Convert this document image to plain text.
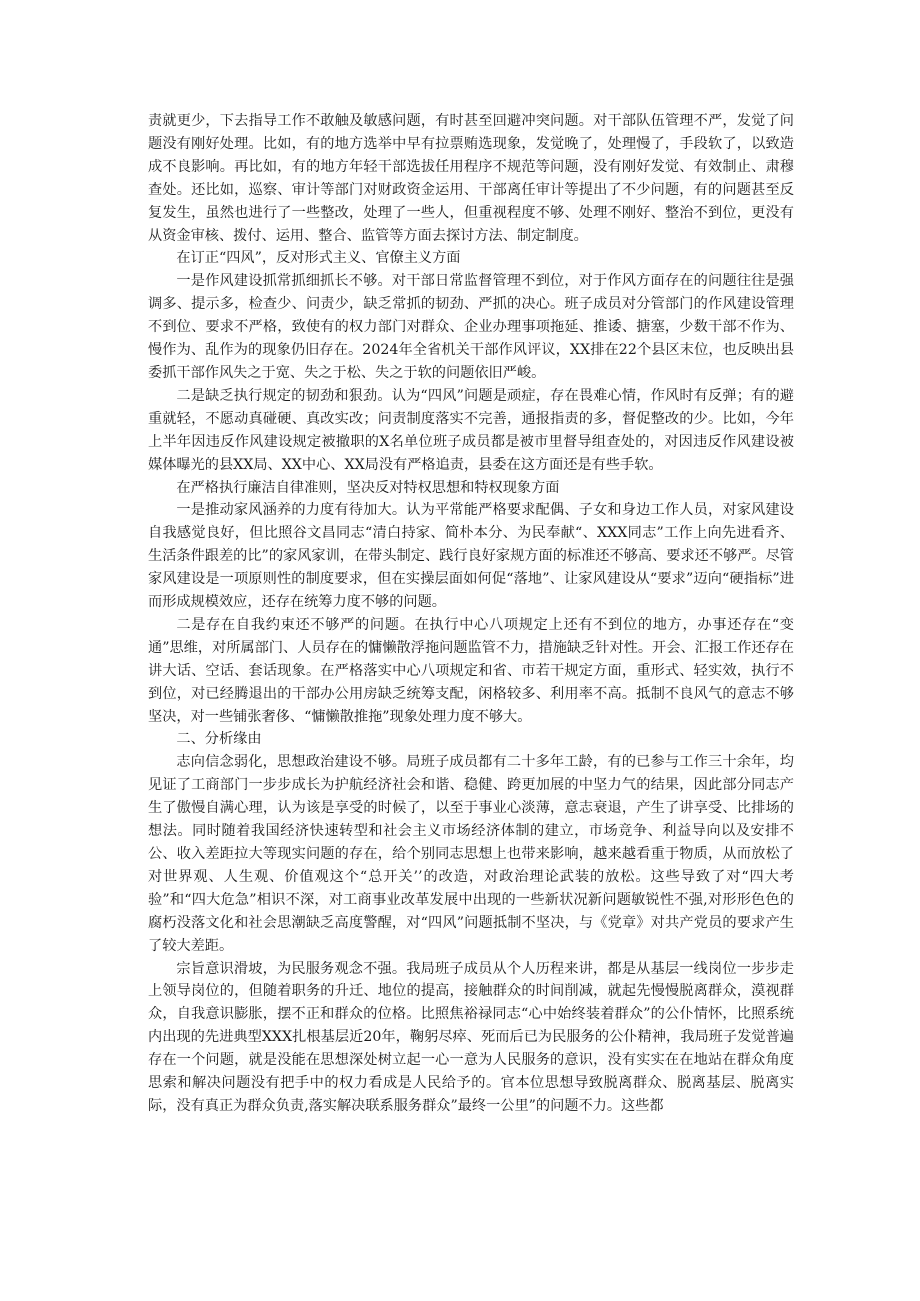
责就更少，下去指导工作不敢触及敏感问题，有时甚至回避冲突问题。对干部队伍管理不严，发觉了问题没有刚好处理。比如，有的地方选举中早有拉票贿选现象，发觉晚了，处理慢了，手段软了，以致造成不良影响。再比如，有的地方年轻干部选拔任用程序不规范等问题，没有刚好发觉、有效制止、肃穆查处。还比如，巡察、审计等部门对财政资金运用、干部离任审计等提出了不少问题，有的问题甚至反复发生，虽然也进行了一些整改，处理了一些人，但重视程度不够、处理不刚好、整治不到位，更没有从资金审核、拨付、运用、整合、监管等方面去探讨方法、制定制度。

在订正“四风”，反对形式主义、官僚主义方面

一是作风建设抓常抓细抓长不够。对干部日常监督管理不到位，对于作风方面存在的问题往往是强调多、提示多，检查少、问责少，缺乏常抓的韧劲、严抓的决心。班子成员对分管部门的作风建设管理不到位、要求不严格，致使有的权力部门对群众、企业办理事项拖延、推诿、搪塞，少数干部不作为、慢作为、乱作为的现象仍旧存在。2024年全省机关干部作风评议，XX排在22个县区末位，也反映出县委抓干部作风失之于宽、失之于松、失之于软的问题依旧严峻。

二是缺乏执行规定的韧劲和狠劲。认为“四风”问题是顽症，存在畏难心情，作风时有反弹；有的避重就轻，不愿动真碰硬、真改实改；问责制度落实不完善，通报指责的多，督促整改的少。比如，今年上半年因违反作风建设规定被撤职的X名单位班子成员都是被市里督导组查处的，对因违反作风建设被媒体曝光的县XX局、XX中心、XX局没有严格追责，县委在这方面还是有些手软。

在严格执行廉洁自律准则，坚决反对特权思想和特权现象方面

一是推动家风涵养的力度有待加大。认为平常能严格要求配偶、子女和身边工作人员，对家风建设自我感觉良好，但比照谷文昌同志“清白持家、简朴本分、为民奉献“、XXX同志”工作上向先进看齐、生活条件跟差的比”的家风家训，在带头制定、践行良好家规方面的标准还不够高、要求还不够严。尽管家风建设是一项原则性的制度要求，但在实操层面如何促“落地”、让家风建设从“要求”迈向“硬指标”进而形成规模效应，还存在统筹力度不够的问题。

二是存在自我约束还不够严的问题。在执行中心八项规定上还有不到位的地方，办事还存在“变通”思维，对所属部门、人员存在的慵懒散浮拖问题监管不力，措施缺乏针对性。开会、汇报工作还存在讲大话、空话、套话现象。在严格落实中心八项规定和省、市若干规定方面，重形式、轻实效，执行不到位，对已经腾退出的干部办公用房缺乏统筹支配，闲格较多、利用率不高。抵制不良风气的意志不够坚决，对一些铺张奢侈、“慵懒散推拖”现象处理力度不够大。

二、分析缘由

志向信念弱化，思想政治建设不够。局班子成员都有二十多年工龄，有的已参与工作三十余年，均见证了工商部门一步步成长为护航经济社会和谐、稳健、跨更加展的中坚力气的结果，因此部分同志产生了傲慢自满心理，认为该是享受的时候了，以至于事业心淡薄，意志衰退，产生了讲享受、比排场的想法。同时随着我国经济快速转型和社会主义市场经济体制的建立，市场竞争、利益导向以及安排不公、收入差距拉大等现实问题的存在，给个别同志思想上也带来影响，越来越看重于物质，从而放松了对世界观、人生观、价值观这个“总开关’’的改造，对政治理论武装的放松。这些导致了对“四大考验”和“四大危急”相识不深，对工商事业改革发展中出现的一些新状况新问题敏锐性不强,对形形色色的腐朽没落文化和社会思潮缺乏高度警醒，对“四风”问题抵制不坚决，与《党章》对共产党员的要求产生了较大差距。

宗旨意识滑坡，为民服务观念不强。我局班子成员从个人历程来讲，都是从基层一线岗位一步步走上领导岗位的，但随着职务的升迁、地位的提高，接触群众的时间削减，就起先慢慢脱离群众，漠视群众，自我意识膨胀，摆不正和群众的位格。比照焦裕禄同志“心中始终装着群众”的公仆情怀，比照系统内出现的先进典型XXX扎根基层近20年，鞠躬尽瘁、死而后已为民服务的公仆精神，我局班子发觉普遍存在一个问题，就是没能在思想深处树立起一心一意为人民服务的意识，没有实实在在地站在群众角度思索和解决问题没有把手中的权力看成是人民给予的。官本位思想导致脱离群众、脱离基层、脱离实际，没有真正为群众负责,落实解决联系服务群众”最终一公里”的问题不力。这些都
